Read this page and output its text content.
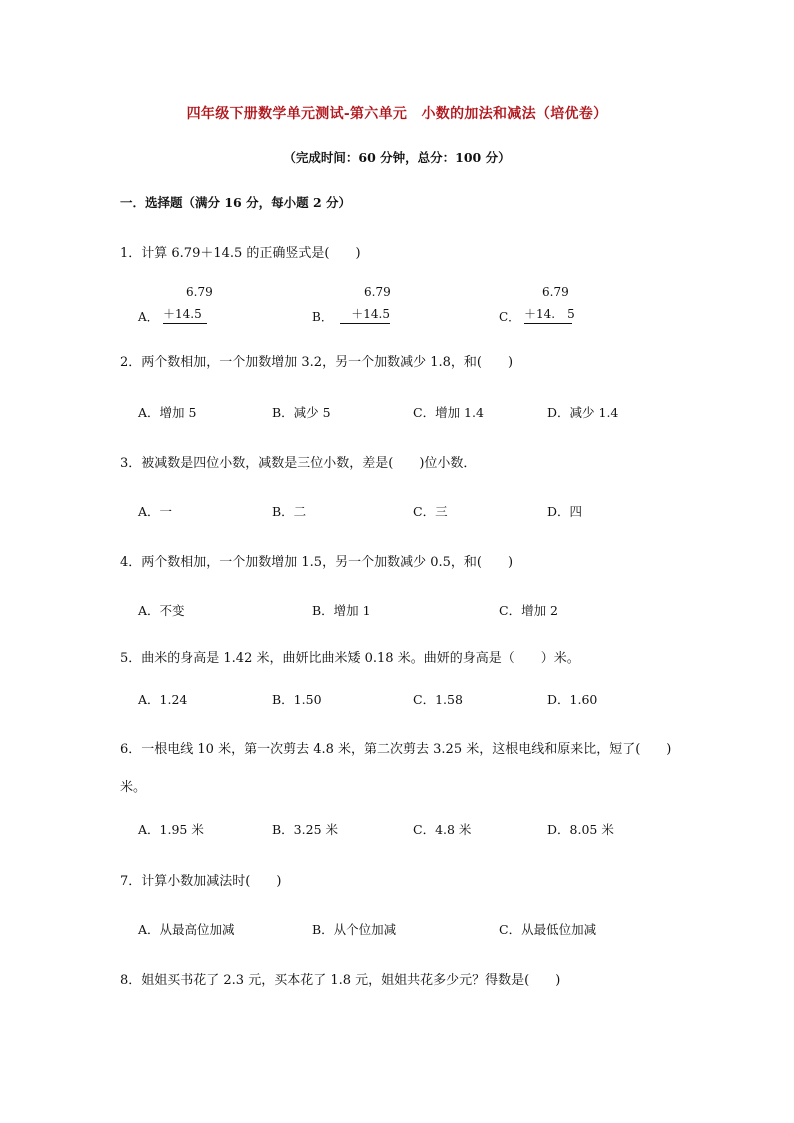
四年级下册数学单元测试-第六单元　小数的加法和减法（培优卷）
（完成时间：60 分钟，总分：100 分）
一．选择题（满分 16 分，每小题 2 分）
1．计算 6.79＋14.5 的正确竖式是(　　)
A．
6.79
＋14.5	B．
6.79
＋14.5	C．
6.79
＋14.　5
2．两个数相加，一个加数增加 3.2，另一个加数减少 1.8，和(　　)
A．增加 5	B．减少 5	C．增加 1.4	D．减少 1.4
3．被减数是四位小数，减数是三位小数，差是(　　)位小数．
A．一	B．二	C．三	D．四
4．两个数相加，一个加数增加 1.5，另一个加数减少 0.5，和(　　)
A．不变	B．增加 1	C．增加 2
5．曲米的身高是 1.42 米，曲妍比曲米矮 0.18 米。曲妍的身高是（　　）米。
A．1.24	B．1.50	C．1.58	D．1.60
6．一根电线 10 米，第一次剪去 4.8 米，第二次剪去 3.25 米，这根电线和原来比，短了(　　)
米。
A．1.95 米	B．3.25 米	C．4.8 米	D．8.05 米
7．计算小数加减法时(　　)
A．从最高位加减	B．从个位加减	C．从最低位加减
8．姐姐买书花了 2.3 元，买本花了 1.8 元，姐姐共花多少元？得数是(　　)
